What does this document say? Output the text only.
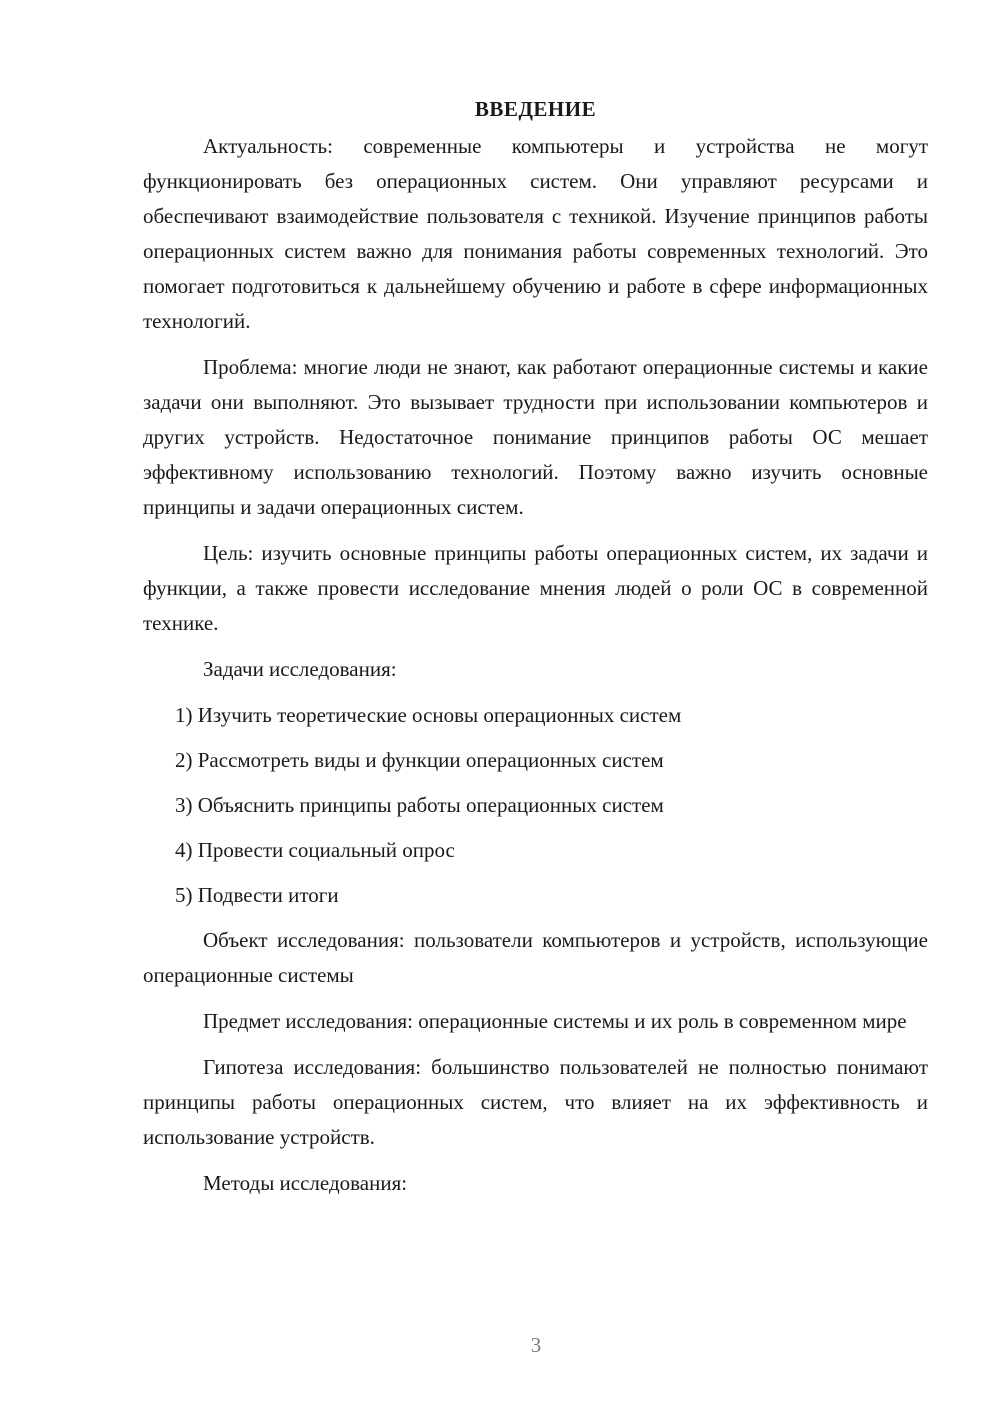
ВВЕДЕНИЕ

Актуальность: современные компьютеры и устройства не могут функционировать без операционных систем. Они управляют ресурсами и обеспечивают взаимодействие пользователя с техникой. Изучение принципов работы операционных систем важно для понимания работы современных технологий. Это помогает подготовиться к дальнейшему обучению и работе в сфере информационных технологий.

Проблема: многие люди не знают, как работают операционные системы и какие задачи они выполняют. Это вызывает трудности при использовании компьютеров и других устройств. Недостаточное понимание принципов работы ОС мешает эффективному использованию технологий. Поэтому важно изучить основные принципы и задачи операционных систем.

Цель: изучить основные принципы работы операционных систем, их задачи и функции, а также провести исследование мнения людей о роли ОС в современной технике.

Задачи исследования:

1) Изучить теоретические основы операционных систем
2) Рассмотреть виды и функции операционных систем
3) Объяснить принципы работы операционных систем
4) Провести социальный опрос
5) Подвести итоги

Объект исследования: пользователи компьютеров и устройств, использующие операционные системы

Предмет исследования: операционные системы и их роль в современном мире

Гипотеза исследования: большинство пользователей не полностью понимают принципы работы операционных систем, что влияет на их эффективность и использование устройств.

Методы исследования:

3
